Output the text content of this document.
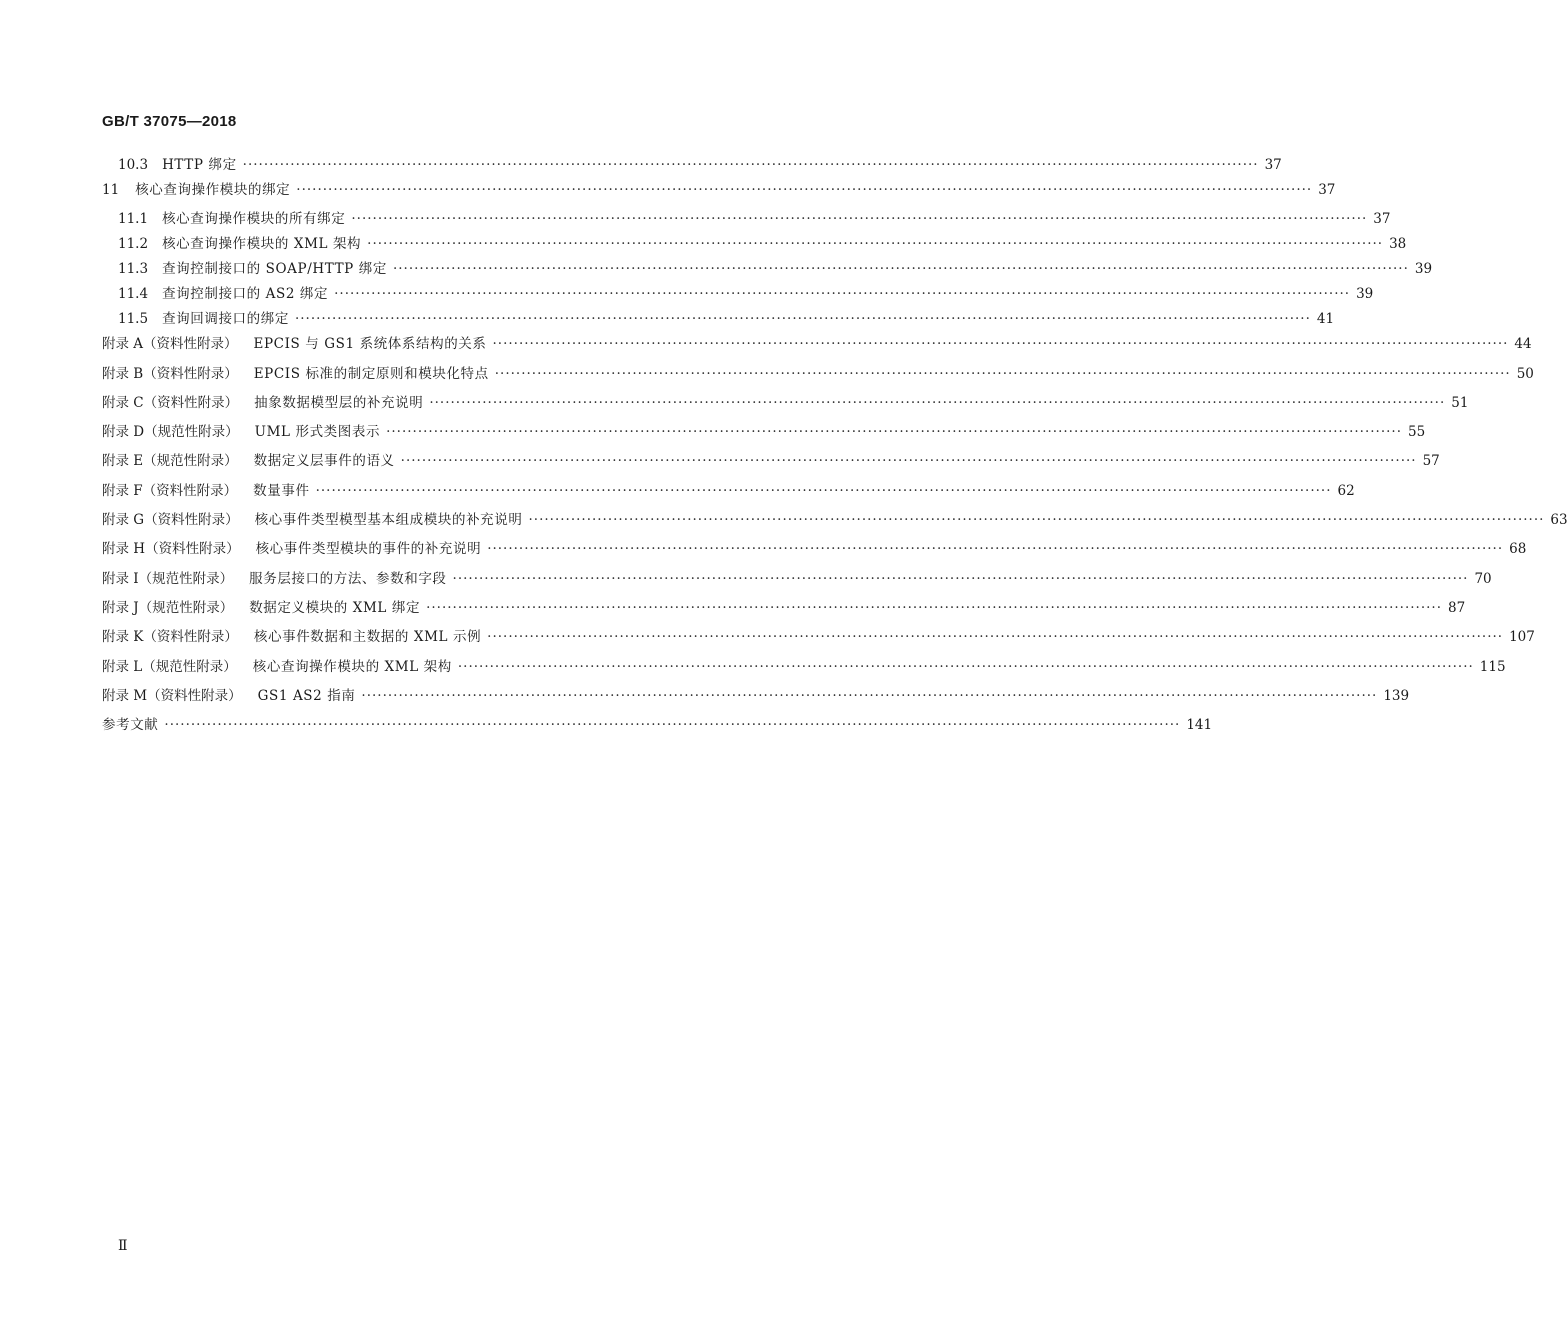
GB/T 37075—2018
10.3 HTTP 绑定 ·····	37
11 核心查询操作模块的绑定 ·····	37
11.1 核心查询操作模块的所有绑定 ·····	37
11.2 核心查询操作模块的 XML 架构 ·····	38
11.3 查询控制接口的 SOAP/HTTP 绑定 ·····	39
11.4 查询控制接口的 AS2 绑定 ·····	39
11.5 查询回调接口的绑定 ·····	41
附录 A（资料性附录） EPCIS 与 GS1 系统体系结构的关系 ·····	44
附录 B（资料性附录） EPCIS 标准的制定原则和模块化特点 ·····	50
附录 C（资料性附录） 抽象数据模型层的补充说明 ·····	51
附录 D（规范性附录） UML 形式类图表示 ·····	55
附录 E（规范性附录） 数据定义层事件的语义 ·····	57
附录 F（资料性附录） 数量事件 ·····	62
附录 G（资料性附录） 核心事件类型模型基本组成模块的补充说明 ·····	63
附录 H（资料性附录） 核心事件类型模块的事件的补充说明 ·····	68
附录 I（规范性附录） 服务层接口的方法、参数和字段 ·····	70
附录 J（规范性附录） 数据定义模块的 XML 绑定 ·····	87
附录 K（资料性附录） 核心事件数据和主数据的 XML 示例 ·····	107
附录 L（规范性附录） 核心查询操作模块的 XML 架构 ·····	115
附录 M（资料性附录） GS1 AS2 指南 ·····	139
参考文献 ·····	141
Ⅱ
